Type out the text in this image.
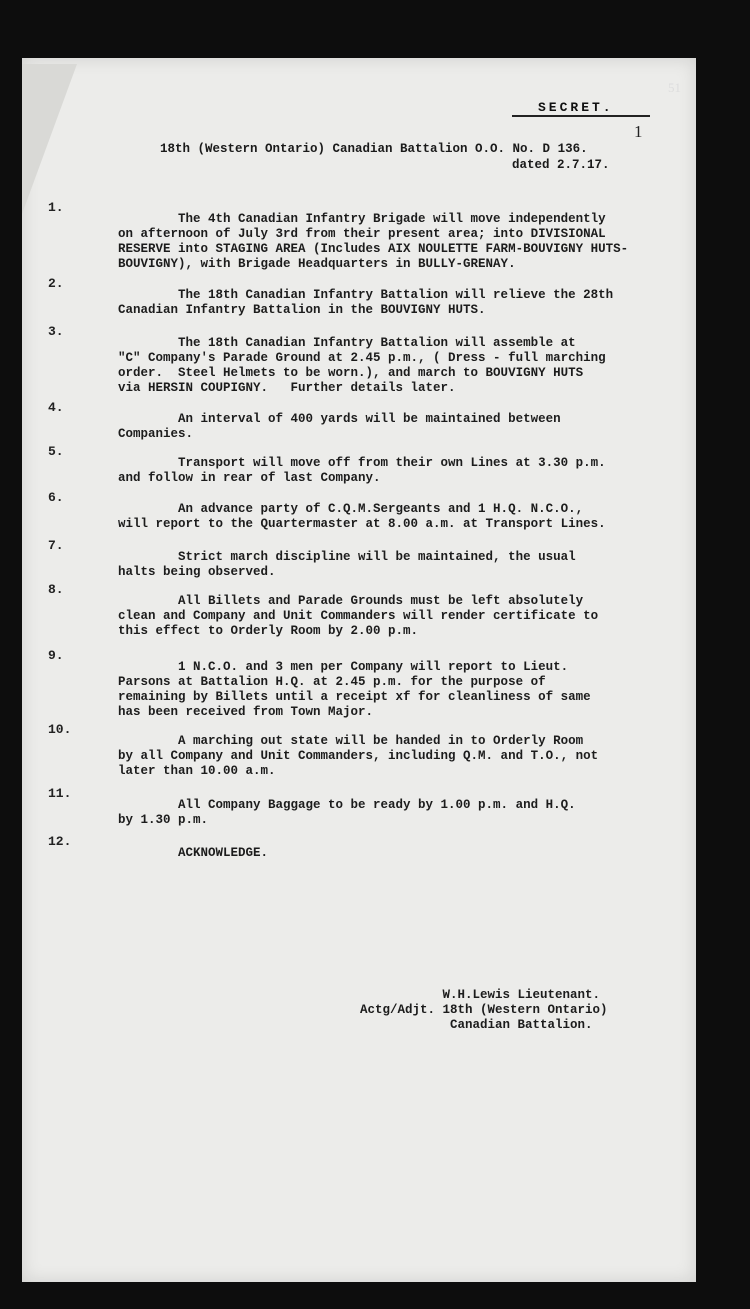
51
SECRET.
1
18th (Western Ontario) Canadian Battalion O.O. No. D 136.
dated 2.7.17.
1.
The 4th Canadian Infantry Brigade will move independently
on afternoon of July 3rd from their present area; into DIVISIONAL
RESERVE into STAGING AREA (Includes AIX NOULETTE FARM-BOUVIGNY HUTS-
BOUVIGNY), with Brigade Headquarters in BULLY-GRENAY.
2.
The 18th Canadian Infantry Battalion will relieve the 28th
Canadian Infantry Battalion in the BOUVIGNY HUTS.
3.
The 18th Canadian Infantry Battalion will assemble at
"C" Company's Parade Ground at 2.45 p.m., ( Dress - full marching
order.  Steel Helmets to be worn.), and march to BOUVIGNY HUTS
via HERSIN COUPIGNY.   Further details later.
4.
An interval of 400 yards will be maintained between
Companies.
5.
Transport will move off from their own Lines at 3.30 p.m.
and follow in rear of last Company.
6.
An advance party of C.Q.M.Sergeants and 1 H.Q. N.C.O.,
will report to the Quartermaster at 8.00 a.m. at Transport Lines.
7.
Strict march discipline will be maintained, the usual
halts being observed.
8.
All Billets and Parade Grounds must be left absolutely
clean and Company and Unit Commanders will render certificate to
this effect to Orderly Room by 2.00 p.m.
9.
1 N.C.O. and 3 men per Company will report to Lieut.
Parsons at Battalion H.Q. at 2.45 p.m. for the purpose of
remaining by Billets until a receipt xf for cleanliness of same
has been received from Town Major.
10.
A marching out state will be handed in to Orderly Room
by all Company and Unit Commanders, including Q.M. and T.O., not
later than 10.00 a.m.
11.
All Company Baggage to be ready by 1.00 p.m. and H.Q.
by 1.30 p.m.
12.
ACKNOWLEDGE.
W.H.Lewis Lieutenant.
Actg/Adjt. 18th (Western Ontario)
Canadian Battalion.
